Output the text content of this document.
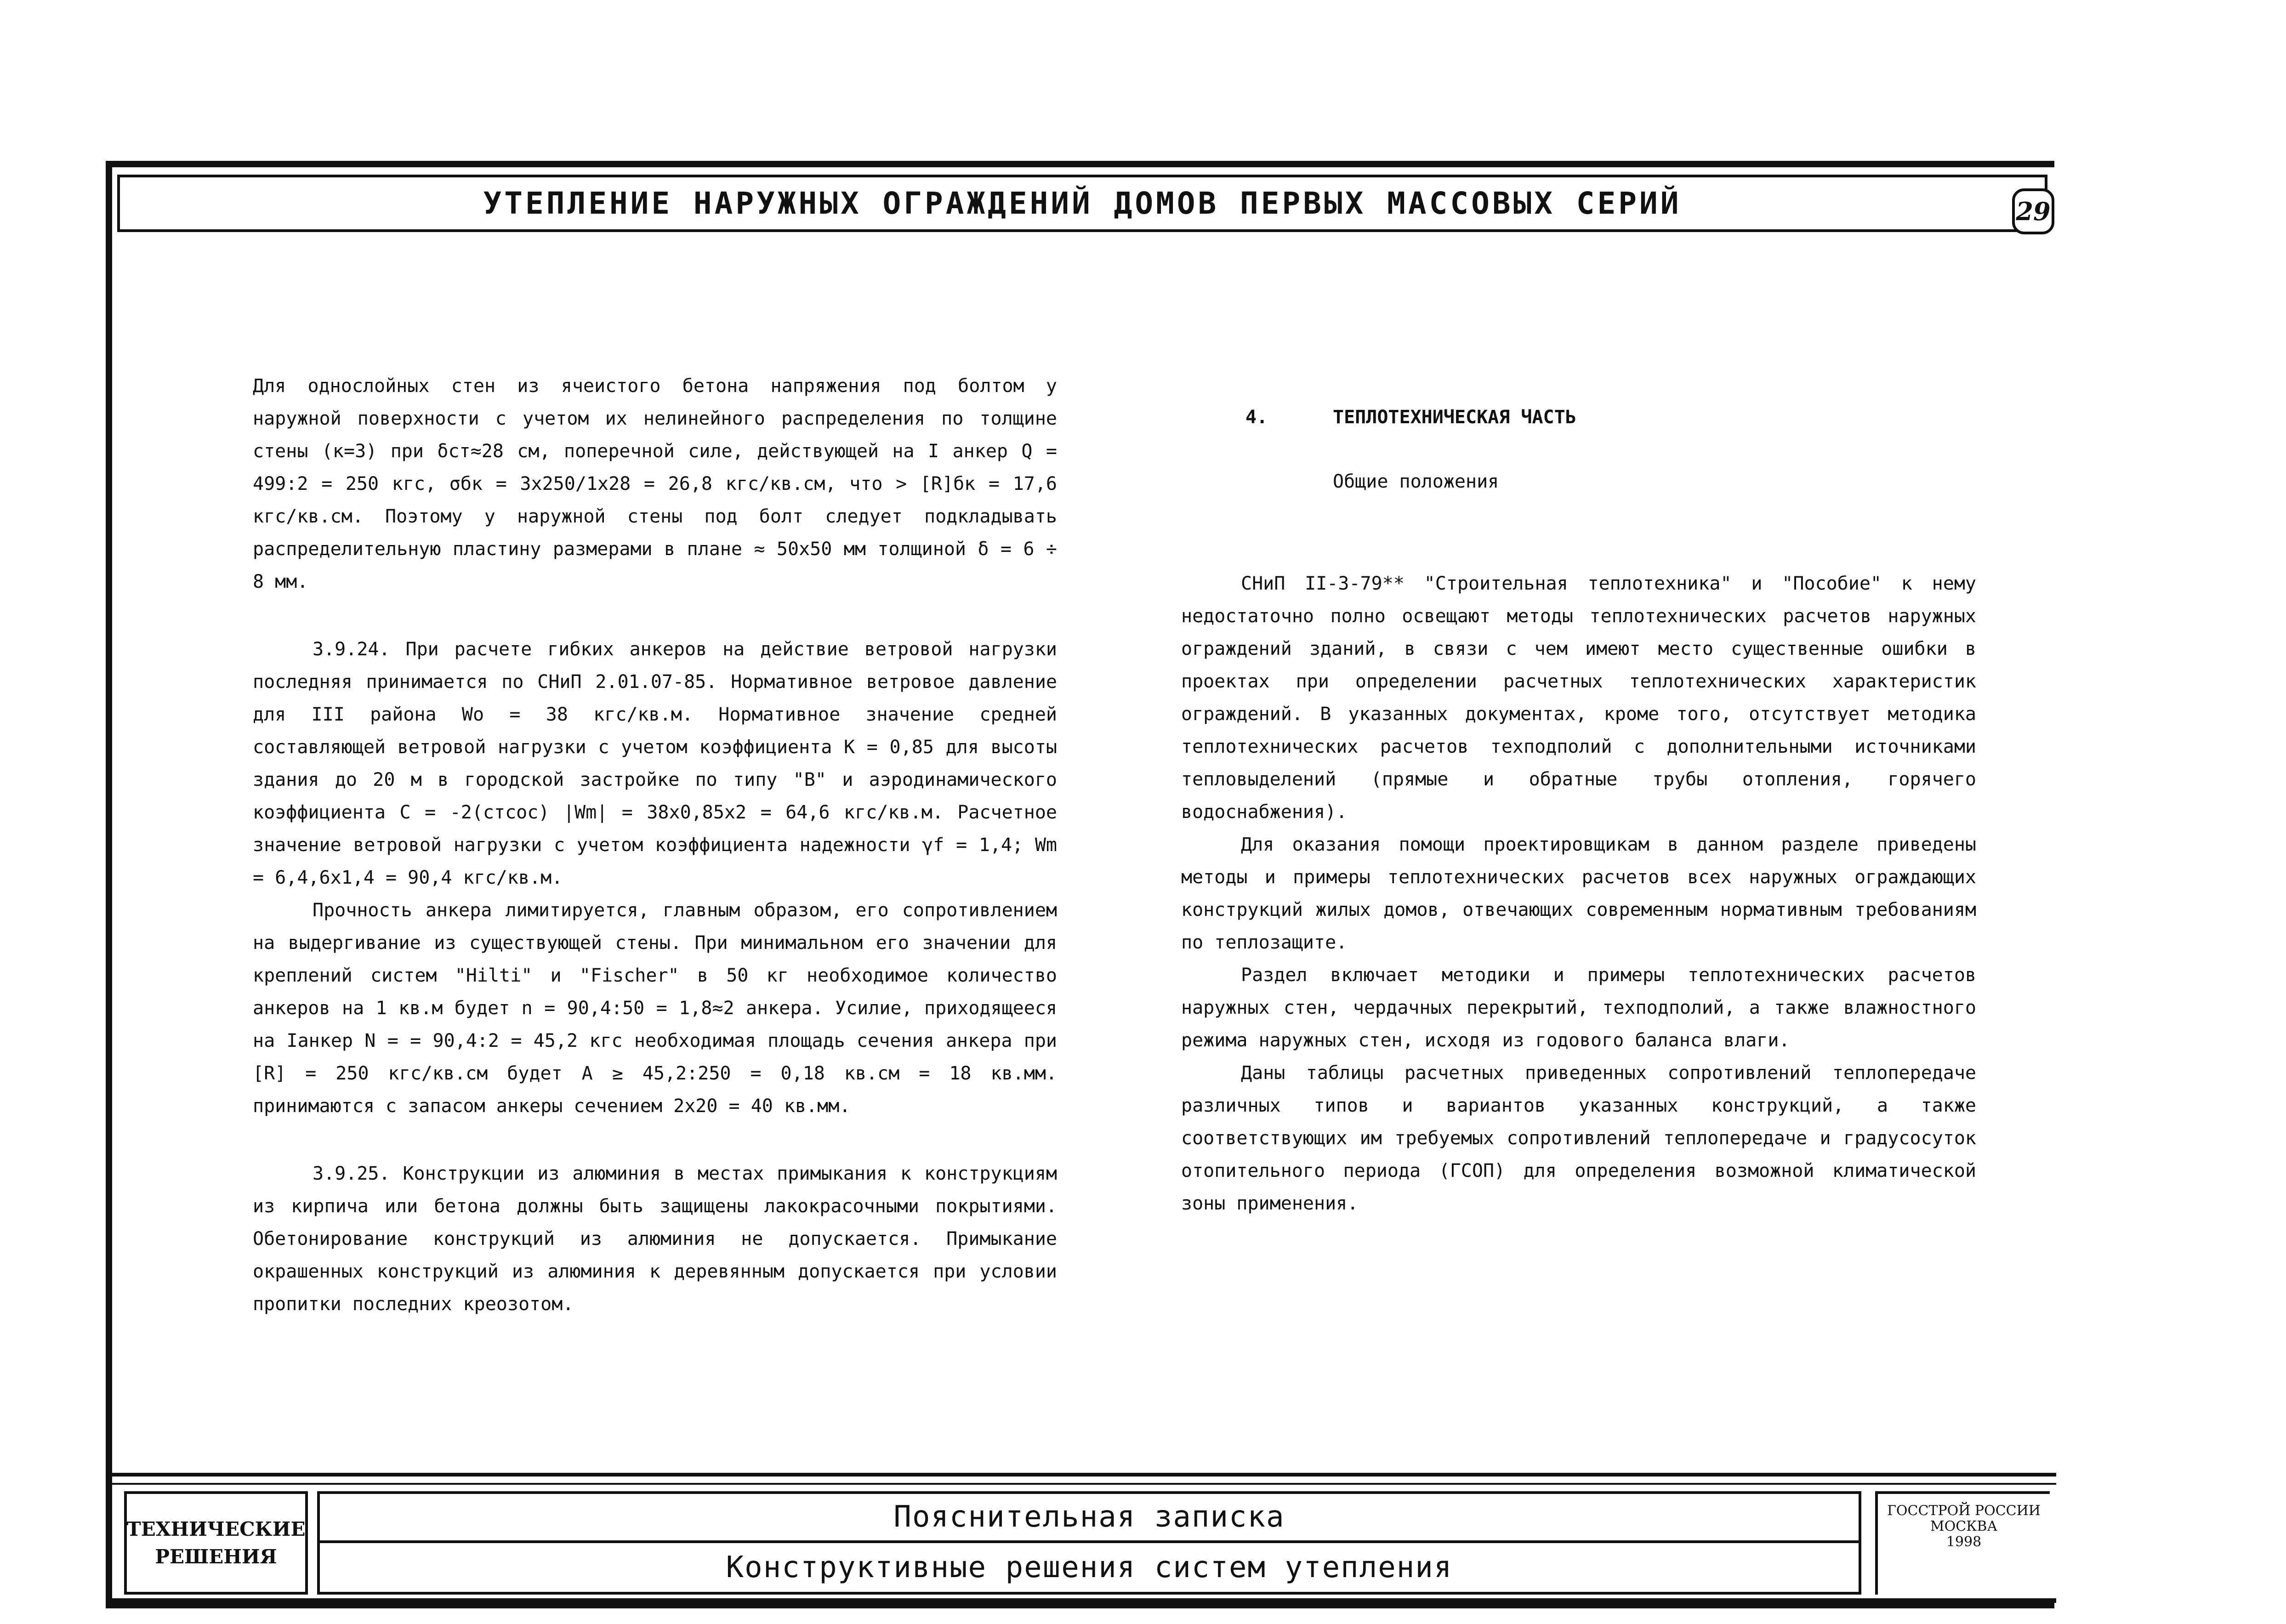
УТЕПЛЕНИЕ НАРУЖНЫХ ОГРАЖДЕНИЙ ДОМОВ ПЕРВЫХ МАССОВЫХ СЕРИЙ	29

Для однослойных стен из ячеистого бетона напряжения под болтом у наружной поверхности с учетом их нелинейного распределения по толщине стены (к=3) при δст≈28 см, поперечной силе, действующей на I анкер Q = 499:2 = 250 кгс, σбк = 3х250/1х28 = 26,8 кгс/кв.см, что > [R]бк = 17,6 кгс/кв.см. Поэтому у наружной стены под болт следует подкладывать распределительную пластину размерами в плане ≈ 50х50 мм толщиной δ = 6 ÷ 8 мм.

3.9.24. При расчете гибких анкеров на действие ветровой нагрузки последняя принимается по СНиП 2.01.07-85. Нормативное ветровое давление для III района Wo = 38 кгс/кв.м. Нормативное значение средней составляющей ветровой нагрузки с учетом коэффициента К = 0,85 для высоты здания до 20 м в городской застройке по типу "В" и аэродинамического коэффициента С = -2(стсос) |Wm| = 38х0,85х2 = 64,6 кгс/кв.м. Расчетное значение ветровой нагрузки с учетом коэффициента надежности γf = 1,4; Wm = 6,4,6х1,4 = 90,4 кгс/кв.м.

Прочность анкера лимитируется, главным образом, его сопротивлением на выдергивание из существующей стены. При минимальном его значении для креплений систем "Hilti" и "Fischer" в 50 кг необходимое количество анкеров на 1 кв.м будет n = 90,4:50 = 1,8≈2 анкера. Усилие, приходящееся на Iанкер N = = 90,4:2 = 45,2 кгс необходимая площадь сечения анкера при [R] = 250 кгс/кв.см будет А ≥ 45,2:250 = 0,18 кв.см = 18 кв.мм. принимаются с запасом анкеры сечением 2х20 = 40 кв.мм.

3.9.25. Конструкции из алюминия в местах примыкания к конструкциям из кирпича или бетона должны быть защищены лакокрасочными покрытиями. Обетонирование конструкций из алюминия не допускается. Примыкание окрашенных конструкций из алюминия к деревянным допускается при условии пропитки последних креозотом.

4.	ТЕПЛОТЕХНИЧЕСКАЯ ЧАСТЬ
Общие положения

СНиП II-3-79** "Строительная теплотехника" и "Пособие" к нему недостаточно полно освещают методы теплотехнических расчетов наружных ограждений зданий, в связи с чем имеют место существенные ошибки в проектах при определении расчетных теплотехнических характеристик ограждений. В указанных документах, кроме того, отсутствует методика теплотехнических расчетов техподполий с дополнительными источниками тепловыделений (прямые и обратные трубы отопления, горячего водоснабжения).

Для оказания помощи проектировщикам в данном разделе приведены методы и примеры теплотехнических расчетов всех наружных ограждающих конструкций жилых домов, отвечающих современным нормативным требованиям по теплозащите.

Раздел включает методики и примеры теплотехнических расчетов наружных стен, чердачных перекрытий, техподполий, а также влажностного режима наружных стен, исходя из годового баланса влаги.

Даны таблицы расчетных приведенных сопротивлений теплопередаче различных типов и вариантов указанных конструкций, а также соответствующих им требуемых сопротивлений теплопередаче и градусосуток отопительного периода (ГСОП) для определения возможной климатической зоны применения.

ТЕХНИЧЕСКИЕ
РЕШЕНИЯ
Пояснительная записка
Конструктивные решения систем утепления
ГОССТРОЙ РОССИИ
МОСКВА
1998
